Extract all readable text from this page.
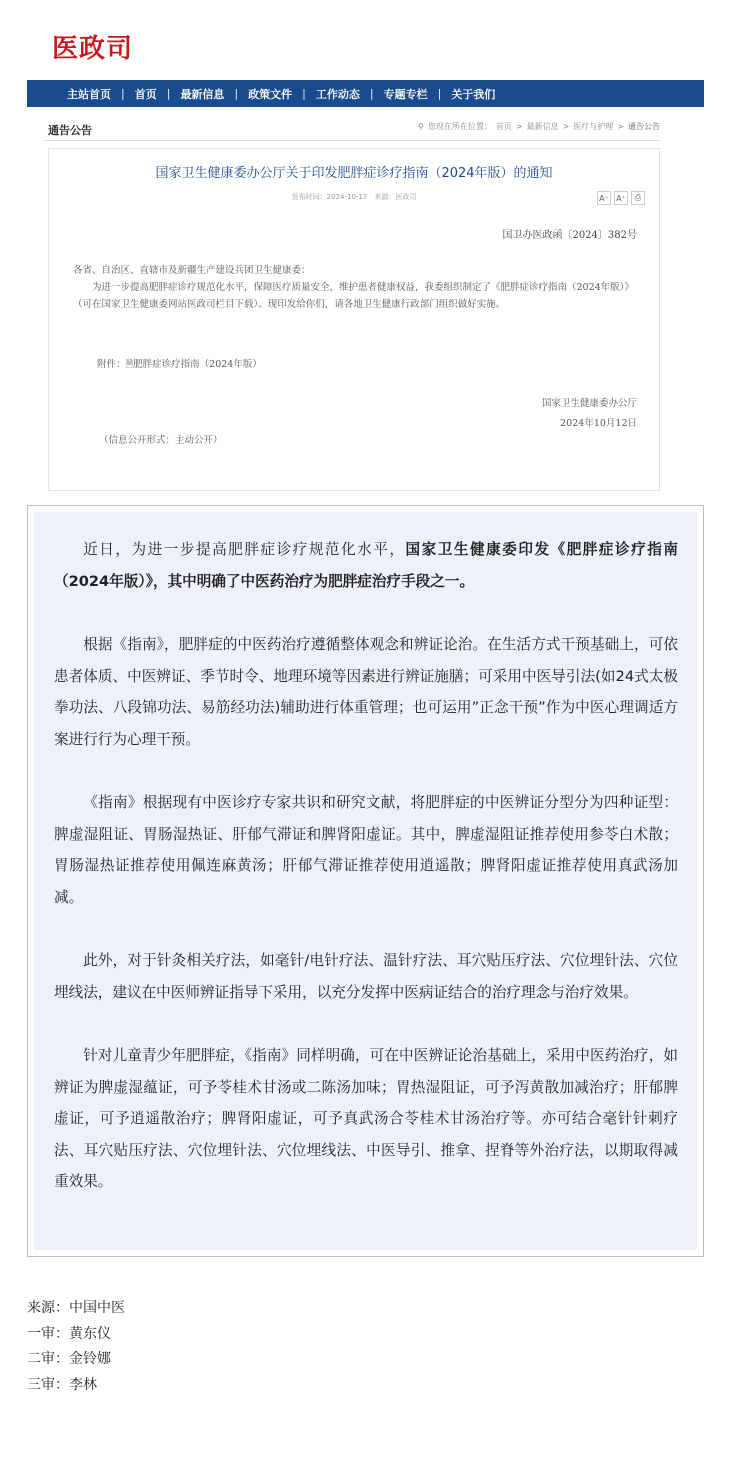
医政司
主站首页 | 首页 | 最新信息 | 政策文件 | 工作动态 | 专题专栏 | 关于我们
通告公告	⚲ 您现在所在位置： 首页 > 最新信息 > 医疗与护理 > 通告公告
国家卫生健康委办公厅关于印发肥胖症诊疗指南（2024年版）的通知
发布时间：2024-10-17　来源：医政司	A⁻ A⁺	⎙
国卫办医政函〔2024〕382号
各省、自治区、直辖市及新疆生产建设兵团卫生健康委：
为进一步提高肥胖症诊疗规范化水平，保障医疗质量安全，维护患者健康权益，我委组织制定了《肥胖症诊疗指南（2024年版）》（可在国家卫生健康委网站医政司栏目下载）。现印发给你们，请各地卫生健康行政部门组织做好实施。
附件：🗎肥胖症诊疗指南（2024年版）
国家卫生健康委办公厅
2024年10月12日
（信息公开形式：主动公开）

近日，为进一步提高肥胖症诊疗规范化水平，国家卫生健康委印发《肥胖症诊疗指南（2024年版）》，其中明确了中医药治疗为肥胖症治疗手段之一。

根据《指南》，肥胖症的中医药治疗遵循整体观念和辨证论治。在生活方式干预基础上，可依患者体质、中医辨证、季节时令、地理环境等因素进行辨证施膳；可采用中医导引法(如24式太极拳功法、八段锦功法、易筋经功法)辅助进行体重管理；也可运用”正念干预”作为中医心理调适方案进行行为心理干预。

《指南》根据现有中医诊疗专家共识和研究文献，将肥胖症的中医辨证分型分为四种证型：脾虚湿阻证、胃肠湿热证、肝郁气滞证和脾肾阳虚证。其中，脾虚湿阻证推荐使用参苓白术散；胃肠湿热证推荐使用佩连麻黄汤；肝郁气滞证推荐使用逍遥散；脾肾阳虚证推荐使用真武汤加减。

此外，对于针灸相关疗法，如毫针/电针疗法、温针疗法、耳穴贴压疗法、穴位埋针法、穴位埋线法，建议在中医师辨证指导下采用，以充分发挥中医病证结合的治疗理念与治疗效果。

针对儿童青少年肥胖症，《指南》同样明确，可在中医辨证论治基础上，采用中医药治疗，如辨证为脾虚湿蕴证，可予苓桂术甘汤或二陈汤加味；胃热湿阻证，可予泻黄散加减治疗；肝郁脾虚证，可予逍遥散治疗；脾肾阳虚证，可予真武汤合苓桂术甘汤治疗等。亦可结合毫针针刺疗法、耳穴贴压疗法、穴位埋针法、穴位埋线法、中医导引、推拿、捏脊等外治疗法，以期取得减重效果。

来源：中国中医
一审：黄东仪
二审：金铃娜
三审：李林
